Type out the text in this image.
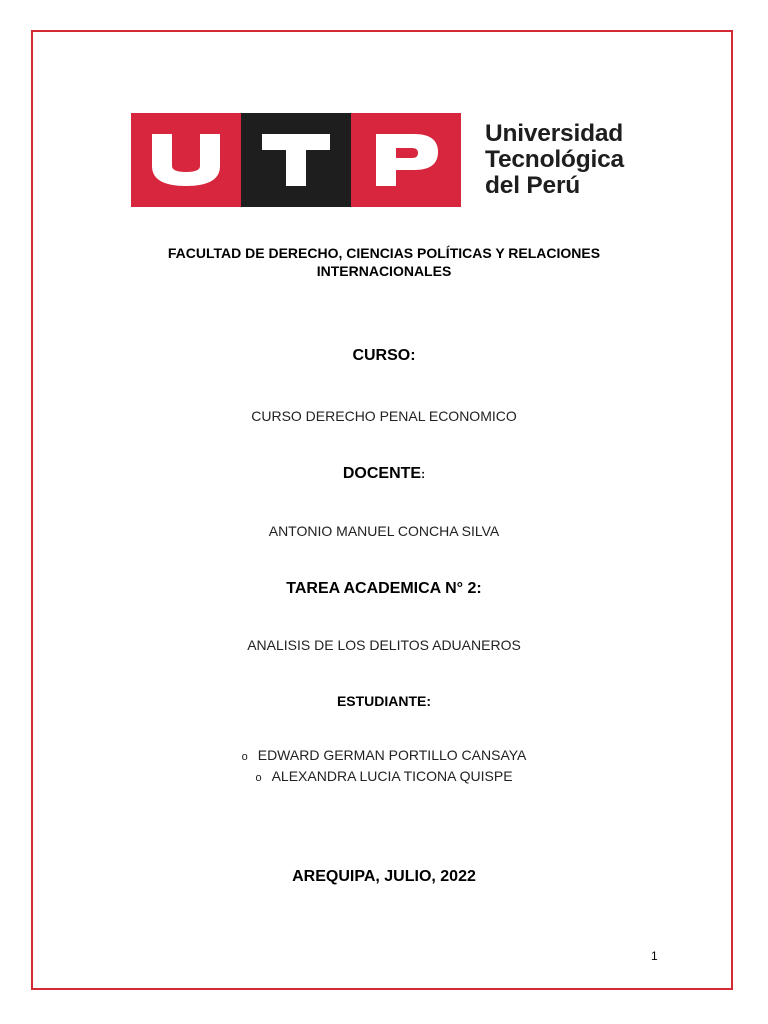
Universidad
Tecnológica
del Perú
FACULTAD DE DERECHO, CIENCIAS POLÍTICAS Y RELACIONES
INTERNACIONALES
CURSO:
CURSO DERECHO PENAL ECONOMICO
DOCENTE:
ANTONIO MANUEL CONCHA SILVA
TAREA ACADEMICA N° 2:
ANALISIS DE LOS DELITOS ADUANEROS
ESTUDIANTE:
o EDWARD GERMAN PORTILLO CANSAYA
o ALEXANDRA LUCIA TICONA QUISPE
AREQUIPA, JULIO, 2022
1
